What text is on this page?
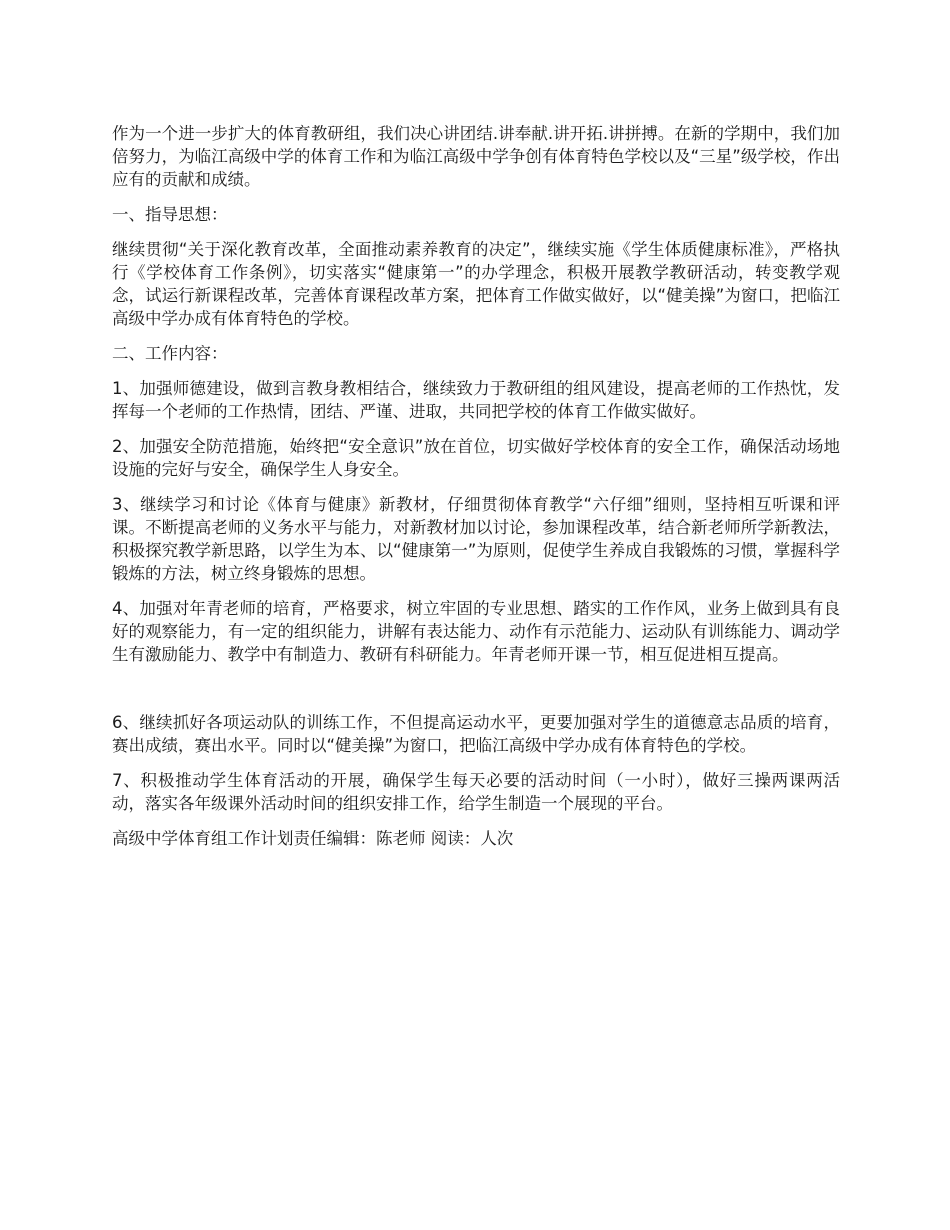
作为一个进一步扩大的体育教研组，我们决心讲团结.讲奉献.讲开拓.讲拼搏。在新的学期中，我们加倍努力，为临江高级中学的体育工作和为临江高级中学争创有体育特色学校以及“三星”级学校，作出应有的贡献和成绩。

一、指导思想：

继续贯彻“关于深化教育改革，全面推动素养教育的决定”，继续实施《学生体质健康标准》，严格执行《学校体育工作条例》，切实落实“健康第一”的办学理念，积极开展教学教研活动，转变教学观念，试运行新课程改革，完善体育课程改革方案，把体育工作做实做好，以“健美操”为窗口，把临江高级中学办成有体育特色的学校。

二、工作内容：

1、加强师德建设，做到言教身教相结合，继续致力于教研组的组风建设，提高老师的工作热忱，发挥每一个老师的工作热情，团结、严谨、进取，共同把学校的体育工作做实做好。

2、加强安全防范措施，始终把“安全意识”放在首位，切实做好学校体育的安全工作，确保活动场地设施的完好与安全，确保学生人身安全。

3、继续学习和讨论《体育与健康》新教材，仔细贯彻体育教学“六仔细”细则，坚持相互听课和评课。不断提高老师的义务水平与能力，对新教材加以讨论，参加课程改革，结合新老师所学新教法，积极探究教学新思路，以学生为本、以“健康第一”为原则，促使学生养成自我锻炼的习惯，掌握科学锻炼的方法，树立终身锻炼的思想。

4、加强对年青老师的培育，严格要求，树立牢固的专业思想、踏实的工作作风，业务上做到具有良好的观察能力，有一定的组织能力，讲解有表达能力、动作有示范能力、运动队有训练能力、调动学生有激励能力、教学中有制造力、教研有科研能力。年青老师开课一节，相互促进相互提高。

6、继续抓好各项运动队的训练工作，不但提高运动水平，更要加强对学生的道德意志品质的培育，赛出成绩，赛出水平。同时以“健美操”为窗口，把临江高级中学办成有体育特色的学校。

7、积极推动学生体育活动的开展，确保学生每天必要的活动时间（一小时），做好三操两课两活动，落实各年级课外活动时间的组织安排工作，给学生制造一个展现的平台。

高级中学体育组工作计划责任编辑：陈老师 阅读：人次
